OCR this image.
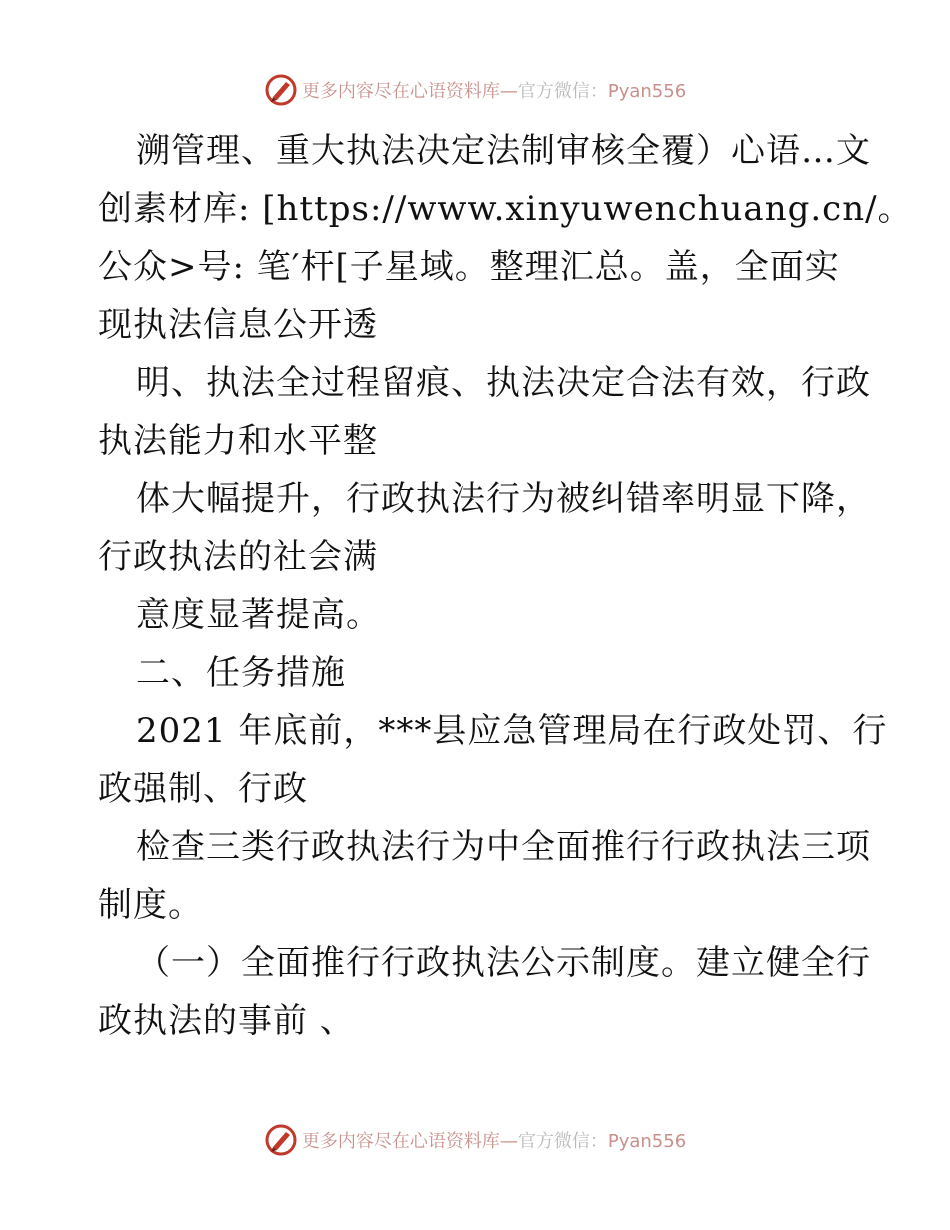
更多内容尽在心语资料库—官方微信：Pyan556
溯管理、重大执法决定法制审核全覆）心语…文
创素材库: [https://www.xinyuwenchuang.cn/。
公众>号: 笔′杆[子星域。整理汇总。盖，全面实
现执法信息公开透
明、执法全过程留痕、执法决定合法有效，行政
执法能力和水平整
体大幅提升，行政执法行为被纠错率明显下降，
行政执法的社会满
意度显著提高。
二、任务措施
2021 年底前，***县应急管理局在行政处罚、行
政强制、行政
检查三类行政执法行为中全面推行行政执法三项
制度。
（一）全面推行行政执法公示制度。建立健全行
政执法的事前 、
更多内容尽在心语资料库—官方微信：Pyan556
